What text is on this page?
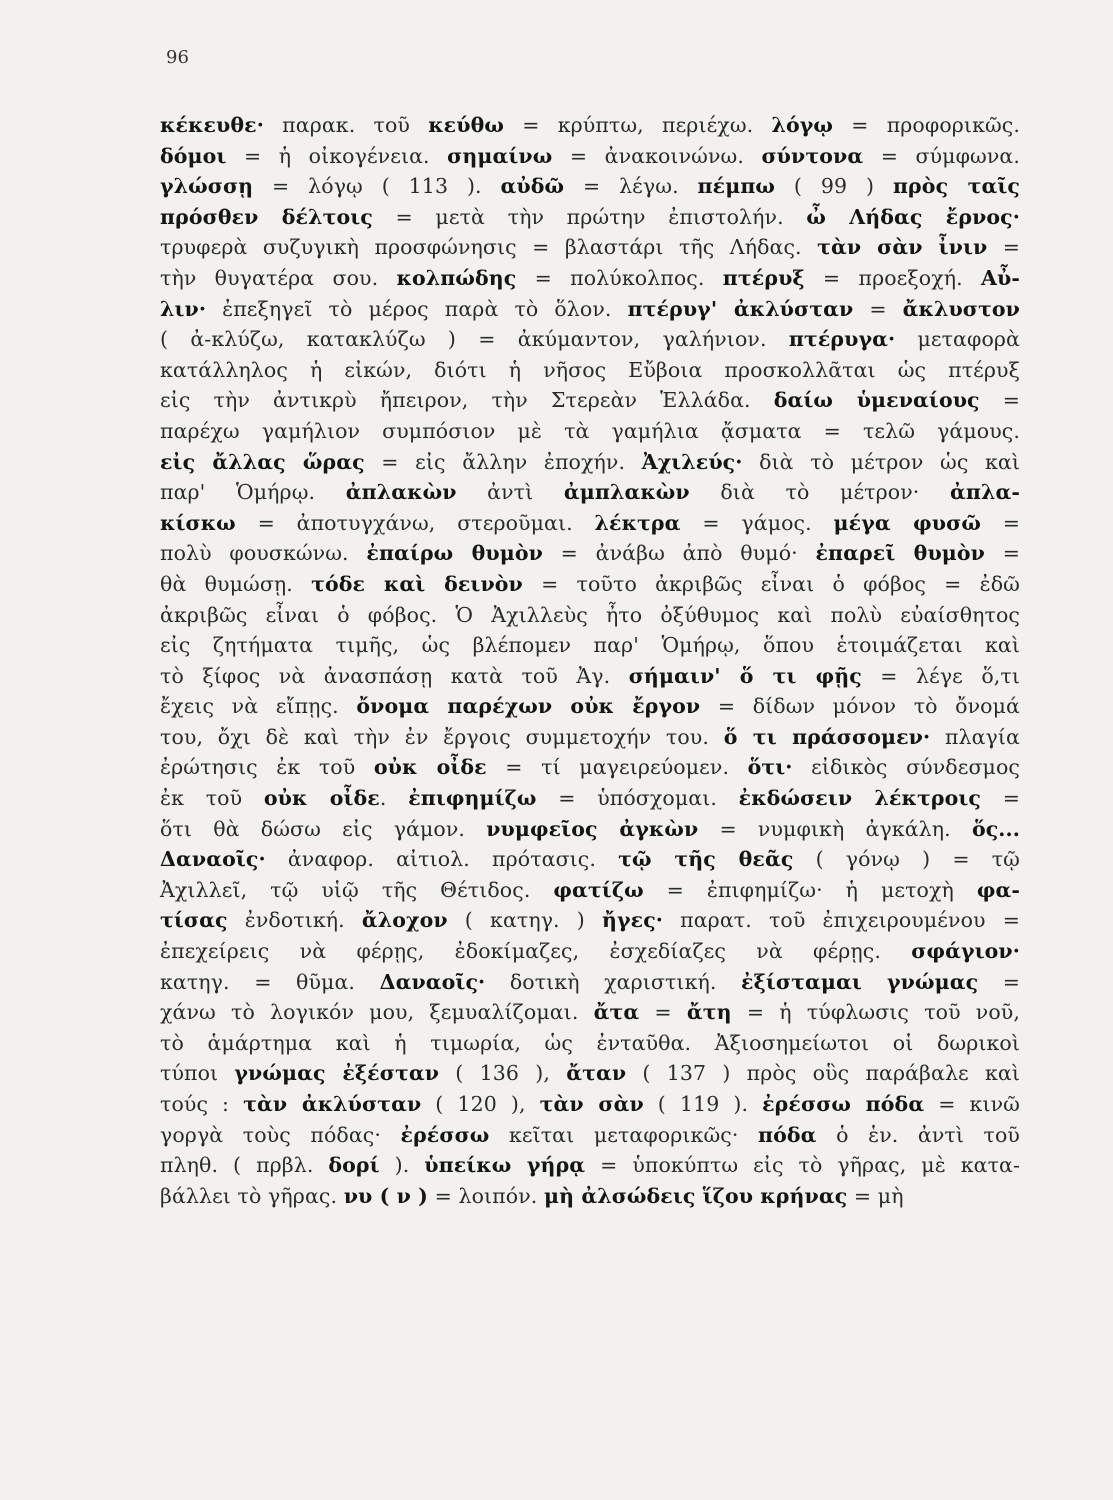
96
κέκευθε· παρακ. τοῦ κεύθω = κρύπτω, περιέχω. λόγῳ = προφορικῶς.
δόμοι = ἡ οἰκογένεια. σημαίνω = ἀνακοινώνω. σύντονα = σύμφωνα.
γλώσσῃ = λόγῳ ( 113 ). αὐδῶ = λέγω. πέμπω ( 99 ) πρὸς ταῖς
πρόσθεν δέλτοις = μετὰ τὴν πρώτην ἐπιστολήν. ὦ Λήδας ἔρνος·
τρυφερὰ συζυγικὴ προσφώνησις = βλαστάρι τῆς Λήδας. τὰν σὰν ἶνιν =
τὴν θυγατέρα σου. κολπώδης = πολύκολπος. πτέρυξ = προεξοχή. Αὖ-
λιν· ἐπεξηγεῖ τὸ μέρος παρὰ τὸ ὅλον. πτέρυγ' ἀκλύσταν = ἄκλυστον
( ἀ-κλύζω, κατακλύζω ) = ἀκύμαντον, γαλήνιον. πτέρυγα· μεταφορὰ
κατάλληλος ἡ εἰκών, διότι ἡ νῆσος Εὔβοια προσκολλᾶται ὡς πτέρυξ
εἰς τὴν ἀντικρὺ ἤπειρον, τὴν Στερεὰν Ἑλλάδα. δαίω ὑμεναίους =
παρέχω γαμήλιον συμπόσιον μὲ τὰ γαμήλια ᾄσματα = τελῶ γάμους.
εἰς ἄλλας ὥρας = εἰς ἄλλην ἐποχήν. Ἀχιλεύς· διὰ τὸ μέτρον ὡς καὶ
παρ' Ὁμήρῳ. ἀπλακὼν ἀντὶ ἀμπλακὼν διὰ τὸ μέτρον· ἀπλα-
κίσκω = ἀποτυγχάνω, στεροῦμαι. λέκτρα = γάμος. μέγα φυσῶ =
πολὺ φουσκώνω. ἐπαίρω θυμὸν = ἀνάβω ἀπὸ θυμό· ἐπαρεῖ θυμὸν =
θὰ θυμώσῃ. τόδε καὶ δεινὸν = τοῦτο ἀκριβῶς εἶναι ὁ φόβος = ἐδῶ
ἀκριβῶς εἶναι ὁ φόβος. Ὁ Ἀχιλλεὺς ἦτο ὀξύθυμος καὶ πολὺ εὐαίσθητος
εἰς ζητήματα τιμῆς, ὡς βλέπομεν παρ' Ὁμήρῳ, ὅπου ἑτοιμάζεται καὶ
τὸ ξίφος νὰ ἀνασπάσῃ κατὰ τοῦ Ἀγ. σήμαιν' ὅ τι φῇς = λέγε ὅ,τι
ἔχεις νὰ εἴπῃς. ὄνομα παρέχων οὐκ ἔργον = δίδων μόνον τὸ ὄνομά
του, ὄχι δὲ καὶ τὴν ἐν ἔργοις συμμετοχήν του. ὅ τι πράσσομεν· πλαγία
ἐρώτησις ἐκ τοῦ οὐκ οἶδε = τί μαγειρεύομεν. ὅτι· εἰδικὸς σύνδεσμος
ἐκ τοῦ οὐκ οἶδε. ἐπιφημίζω = ὑπόσχομαι. ἐκδώσειν λέκτροις =
ὅτι θὰ δώσω εἰς γάμον. νυμφεῖος ἀγκὼν = νυμφικὴ ἀγκάλη. ὅς...
Δαναοῖς· ἀναφορ. αἰτιολ. πρότασις. τῷ τῆς θεᾶς ( γόνῳ ) = τῷ
Ἀχιλλεῖ, τῷ υἱῷ τῆς Θέτιδος. φατίζω = ἐπιφημίζω· ἡ μετοχὴ φα-
τίσας ἐνδοτική. ἄλοχον ( κατηγ. ) ἤγες· παρατ. τοῦ ἐπιχειρουμένου =
ἐπεχείρεις νὰ φέρῃς, ἐδοκίμαζες, ἐσχεδίαζες νὰ φέρῃς. σφάγιον·
κατηγ. = θῦμα. Δαναοῖς· δοτικὴ χαριστική. ἐξίσταμαι γνώμας =
χάνω τὸ λογικόν μου, ξεμυαλίζομαι. ἄτα = ἄτη = ἡ τύφλωσις τοῦ νοῦ,
τὸ ἁμάρτημα καὶ ἡ τιμωρία, ὡς ἐνταῦθα. Ἀξιοσημείωτοι οἱ δωρικοὶ
τύποι γνώμας ἐξέσταν ( 136 ), ἄταν ( 137 ) πρὸς οὓς παράβαλε καὶ
τούς : τὰν ἀκλύσταν ( 120 ), τὰν σὰν ( 119 ). ἐρέσσω πόδα = κινῶ
γοργὰ τοὺς πόδας· ἐρέσσω κεῖται μεταφορικῶς· πόδα ὁ ἑν. ἀντὶ τοῦ
πληθ. ( πρβλ. δορί ). ὑπείκω γήρᾳ = ὑποκύπτω εἰς τὸ γῆρας, μὲ κατα-
βάλλει τὸ γῆρας. νυ ( ν ) = λοιπόν. μὴ ἀλσώδεις ἵζου κρήνας = μὴ
